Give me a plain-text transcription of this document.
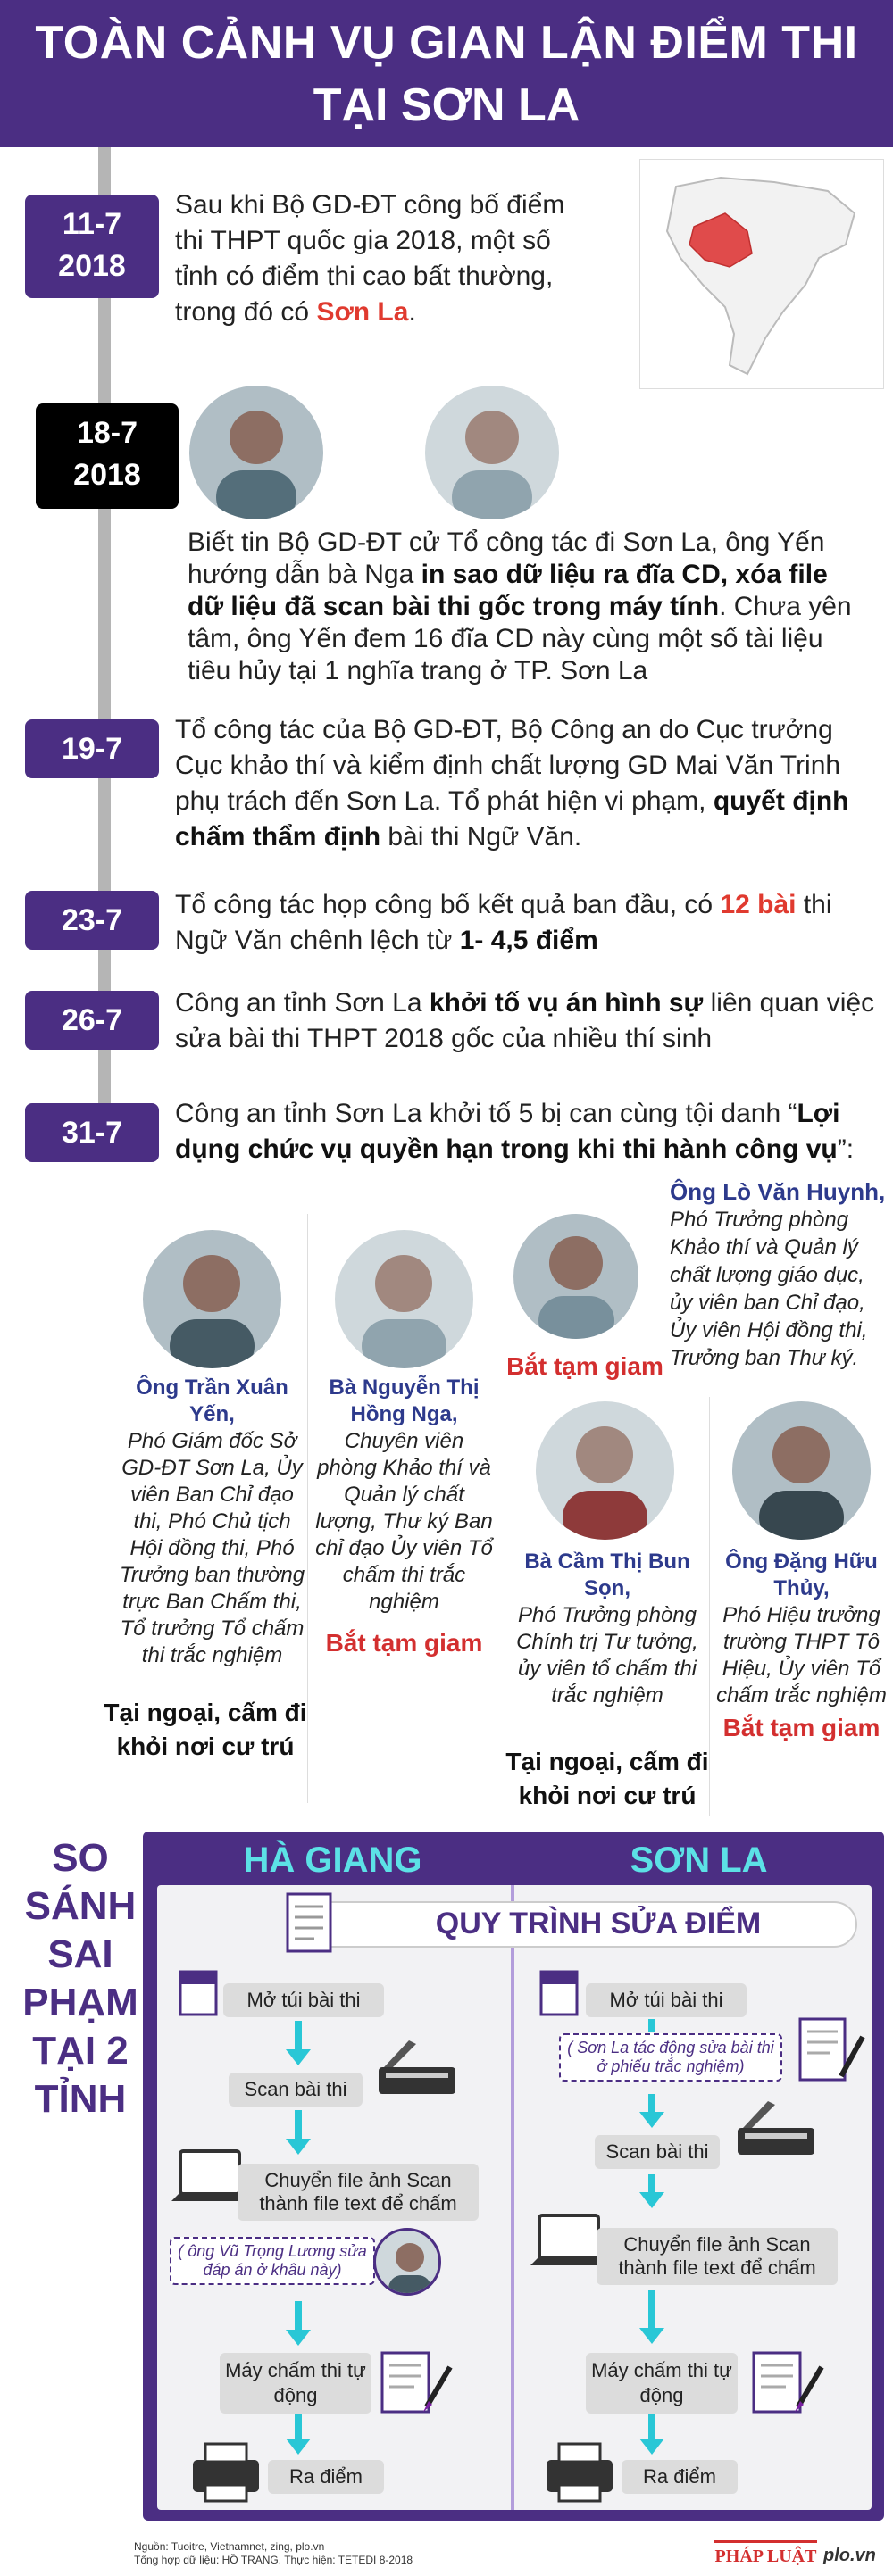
TOÀN CẢNH VỤ GIAN LẬN ĐIỂM THI
TẠI SƠN LA
11-7
2018
Sau khi Bộ GD-ĐT công bố điểm thi THPT quốc gia 2018, một số tỉnh có điểm thi cao bất thường, trong đó có Sơn La.
18-7
2018
Biết tin Bộ GD-ĐT cử Tổ công tác đi Sơn La, ông Yến hướng dẫn bà Nga in sao dữ liệu ra đĩa CD, xóa file dữ liệu đã scan bài thi gốc trong máy tính. Chưa yên tâm, ông Yến đem 16 đĩa CD này cùng một số tài liệu tiêu hủy tại 1 nghĩa trang ở TP. Sơn La
19-7
Tổ công tác của Bộ GD-ĐT, Bộ Công an do Cục trưởng Cục khảo thí và kiểm định chất lượng GD Mai Văn Trinh phụ trách đến Sơn La. Tổ phát hiện vi phạm, quyết định chấm thẩm định bài thi Ngữ Văn.
23-7	Tổ công tác họp công bố kết quả ban đầu, có 12 bài thi Ngữ Văn chênh lệch từ 1- 4,5 điểm
26-7
Công an tỉnh Sơn La khởi tố vụ án hình sự liên quan việc sửa bài thi THPT 2018 gốc của nhiều thí sinh
31-7
Công an tỉnh Sơn La khởi tố 5 bị can cùng tội danh “Lợi dụng chức vụ quyền hạn trong khi thi hành công vụ”:
Ông Trần Xuân Yến,
Phó Giám đốc Sở GD-ĐT Sơn La, Ủy viên Ban Chỉ đạo thi, Phó Chủ tịch Hội đồng thi, Phó Trưởng ban thường trực Ban Chấm thi, Tổ trưởng Tổ chấm thi trắc nghiệm
Tại ngoại, cấm đi khỏi nơi cư trú
Bà Nguyễn Thị Hồng Nga,
Chuyên viên phòng Khảo thí và Quản lý chất lượng, Thư ký Ban chỉ đạo Ủy viên Tổ chấm thi trắc nghiệm
Bắt tạm giam
Bắt tạm giam
Ông Lò Văn Huynh,
Phó Trưởng phòng Khảo thí và Quản lý chất lượng giáo dục, ủy viên ban Chỉ đạo, Ủy viên Hội đồng thi, Trưởng ban Thư ký.
Bà Cầm Thị Bun Sọn,
Phó Trưởng phòng Chính trị Tư tưởng, ủy viên tổ chấm thi trắc nghiệm
Tại ngoại, cấm đi khỏi nơi cư trú
Ông Đặng Hữu Thủy,
Phó Hiệu trưởng trường THPT Tô Hiệu, Ủy viên Tổ chấm trắc nghiệm
Bắt tạm giam
SO
SÁNH
SAI
PHẠM
TẠI 2
TỈNH
HÀ GIANG	SƠN LA
QUY TRÌNH SỬA ĐIỂM
Mở túi bài thi
Scan bài thi
Chuyển file ảnh Scan thành file text để chấm
( ông Vũ Trọng Lương sửa đáp án ở khâu này)
Máy chấm thi tự động
Ra điểm
Mở túi bài thi
( Sơn La tác động sửa bài thi ở phiếu trắc nghiệm)
Scan bài thi
Chuyển file ảnh Scan thành file text để chấm
Máy chấm thi tự động
Ra điểm
Nguồn: Tuoitre, Vietnamnet, zing, plo.vn
Tổng hợp dữ liệu: HỒ TRANG. Thực hiện: TETEDI 8-2018	PHÁP LUẬT plo.vn
